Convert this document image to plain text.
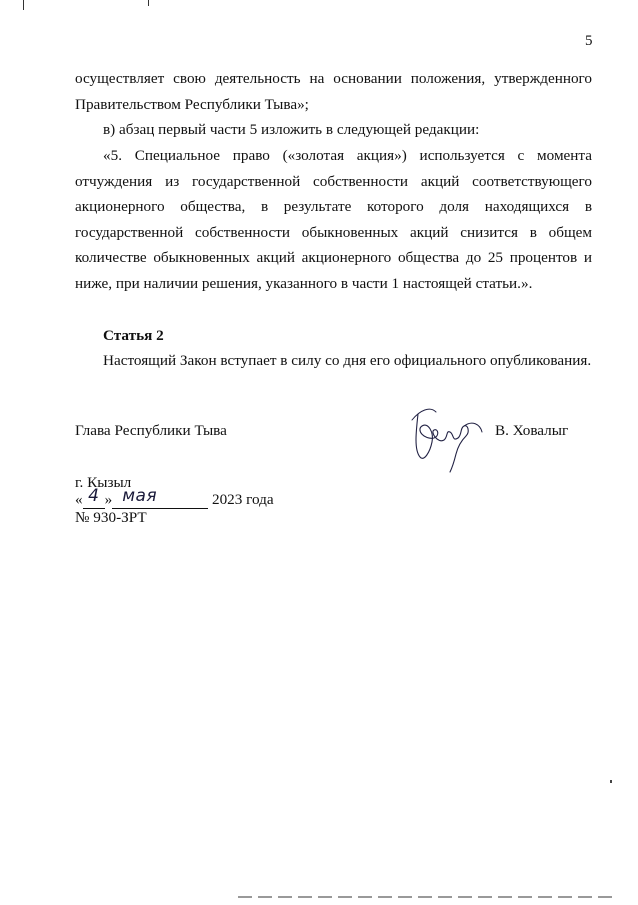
5
осуществляет свою деятельность на основании положения, утвержденного Правительством Республики Тыва»;
в) абзац первый части 5 изложить в следующей редакции:
«5. Специальное право («золотая акция») используется с момента отчуждения из государственной собственности акций соответствующего акционерного общества, в результате которого доля находящихся в государственной собственности обыкновенных акций снизится в общем количестве обыкновенных акций акционерного общества до 25 процентов и ниже, при наличии решения, указанного в части 1 настоящей статьи.».
Статья 2
Настоящий Закон вступает в силу со дня его официального опубликования.
Глава Республики Тыва	В. Ховалыг
г. Кызыл
« 4 » мая	2023 года
№ 930-ЗРТ
